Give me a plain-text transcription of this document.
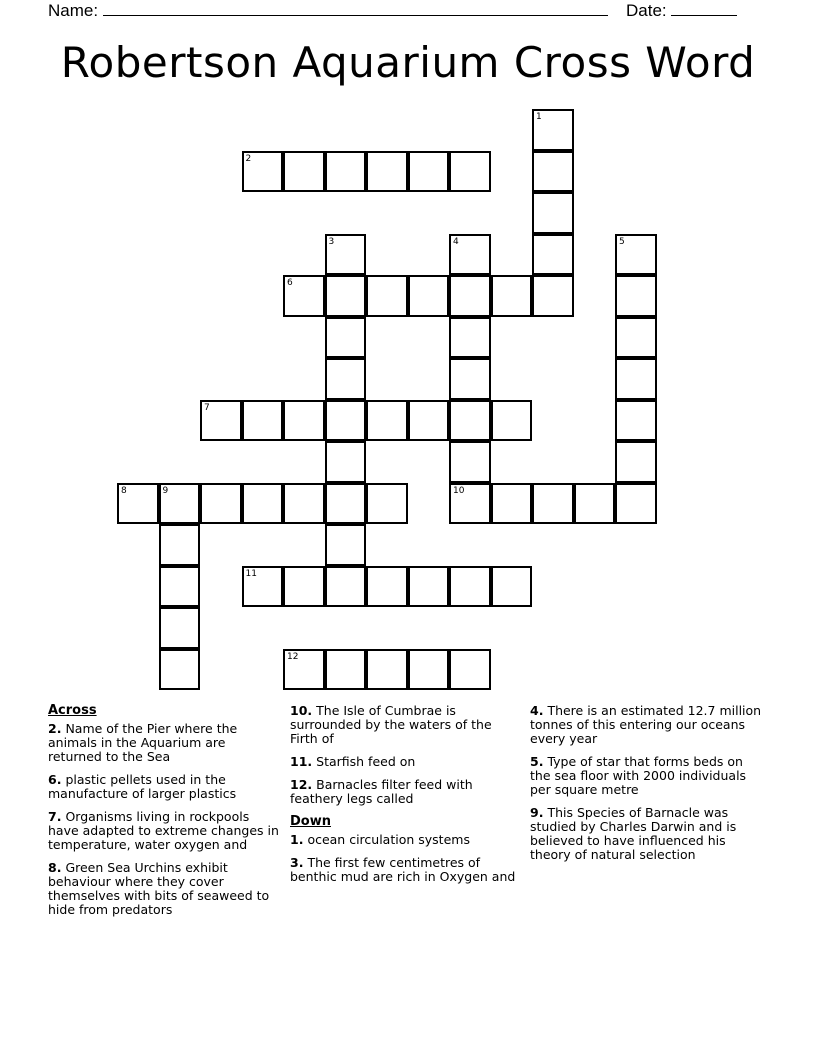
Name:	Date:
Robertson Aquarium Cross Word
1
2
3	4
10
5
6
7
8	9
11
12
Across
2. Name of the Pier where the animals in the Aquarium are returned to the Sea
6. plastic pellets used in the manufacture of larger plastics
7. Organisms living in rockpools have adapted to extreme changes in temperature, water oxygen and
8. Green Sea Urchins exhibit behaviour where they cover themselves with bits of seaweed to hide from predators
10. The Isle of Cumbrae is surrounded by the waters of the Firth of
11. Starfish feed on
12. Barnacles filter feed with feathery legs called
Down
1. ocean circulation systems
3. The first few centimetres of benthic mud are rich in Oxygen and
4. There is an estimated 12.7 million tonnes of this entering our oceans every year
5. Type of star that forms beds on the sea floor with 2000 individuals per square metre
9. This Species of Barnacle was studied by Charles Darwin and is believed to have influenced his theory of natural selection
